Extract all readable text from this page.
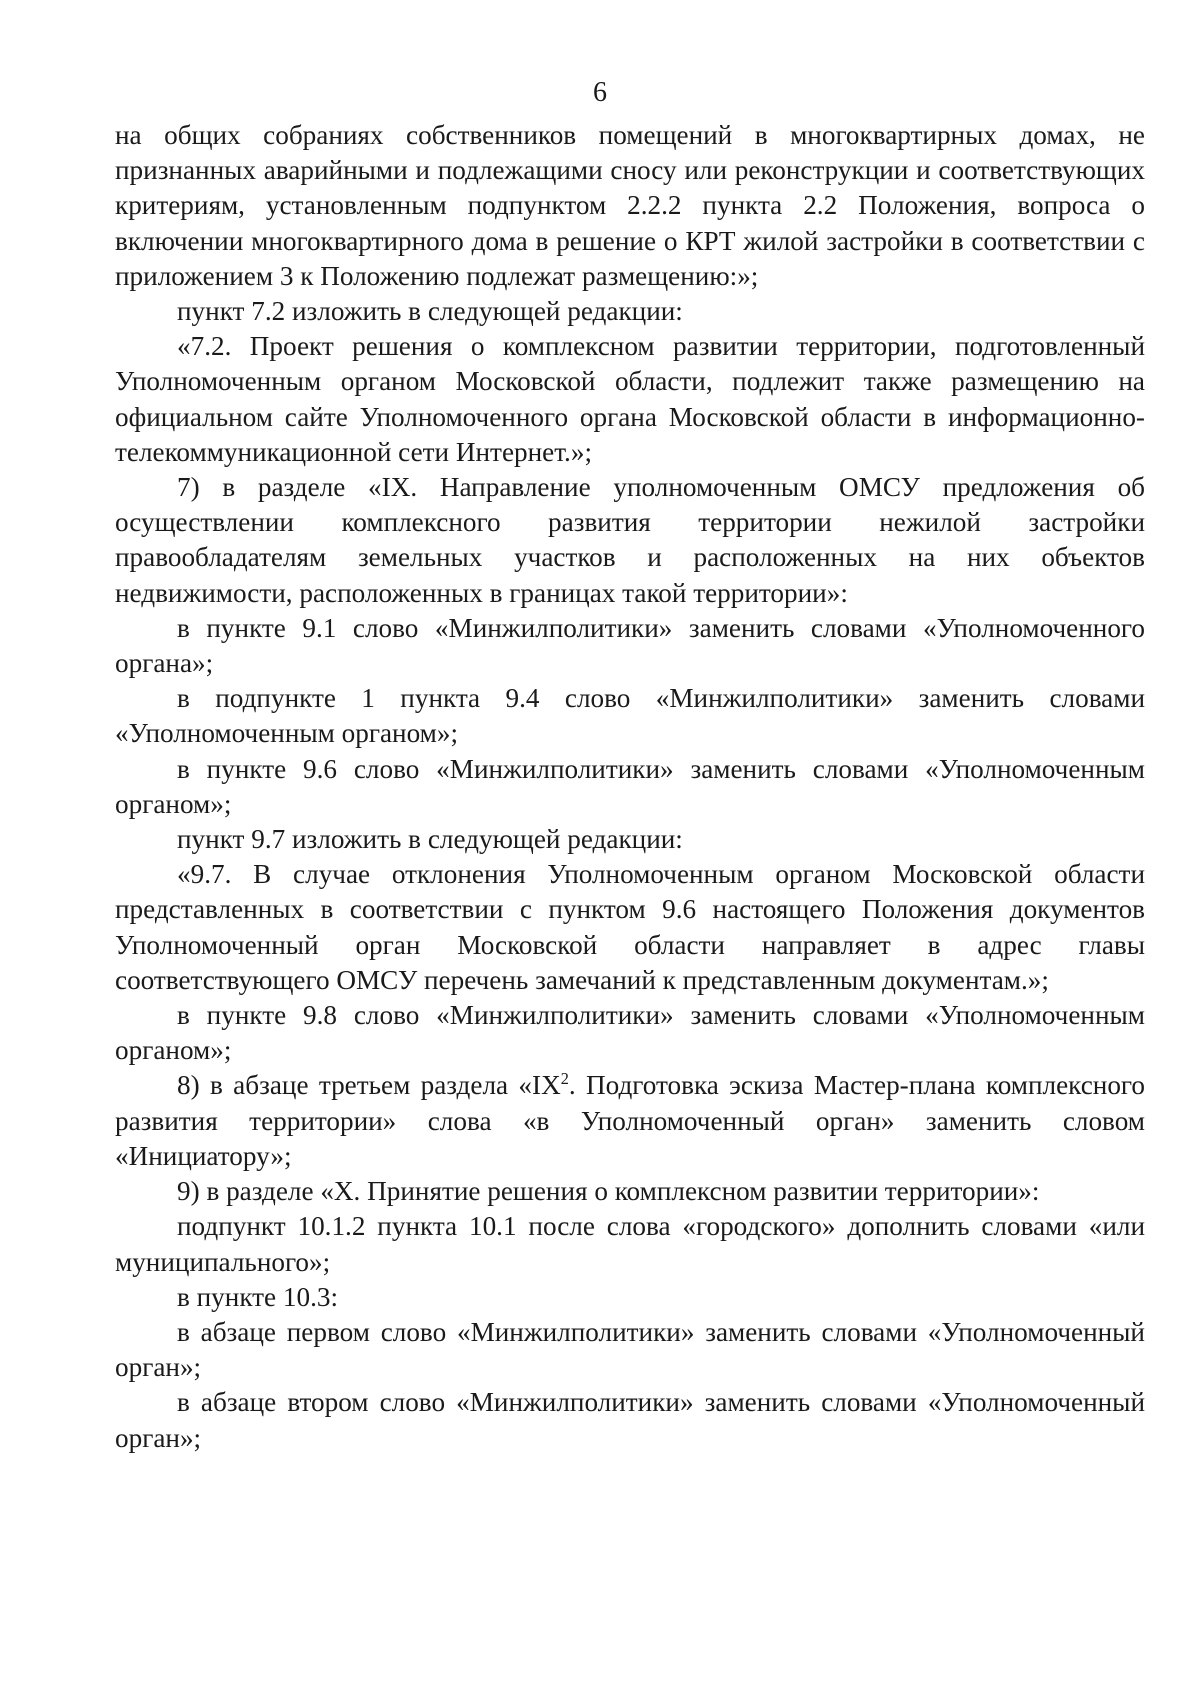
6

на общих собраниях собственников помещений в многоквартирных домах, не признанных аварийными и подлежащими сносу или реконструкции и соответствующих критериям, установленным подпунктом 2.2.2 пункта 2.2 Положения, вопроса о включении многоквартирного дома в решение о КРТ жилой застройки в соответствии с приложением 3 к Положению подлежат размещению:»;

пункт 7.2 изложить в следующей редакции:

«7.2. Проект решения о комплексном развитии территории, подготовленный Уполномоченным органом Московской области, подлежит также размещению на официальном сайте Уполномоченного органа Московской области в информационно-телекоммуникационной сети Интернет.»;

7) в разделе «IX. Направление уполномоченным ОМСУ предложения об осуществлении комплексного развития территории нежилой застройки правообладателям земельных участков и расположенных на них объектов недвижимости, расположенных в границах такой территории»:

в пункте 9.1 слово «Минжилполитики» заменить словами «Уполномоченного органа»;

в подпункте 1 пункта 9.4 слово «Минжилполитики» заменить словами «Уполномоченным органом»;

в пункте 9.6 слово «Минжилполитики» заменить словами «Уполномоченным органом»;

пункт 9.7 изложить в следующей редакции:

«9.7. В случае отклонения Уполномоченным органом Московской области представленных в соответствии с пунктом 9.6 настоящего Положения документов Уполномоченный орган Московской области направляет в адрес главы соответствующего ОМСУ перечень замечаний к представленным документам.»;

в пункте 9.8 слово «Минжилполитики» заменить словами «Уполномоченным органом»;

8) в абзаце третьем раздела «$IX^2$. Подготовка эскиза Мастер-плана комплексного развития территории» слова «в Уполномоченный орган» заменить словом «Инициатору»;

9) в разделе «X. Принятие решения о комплексном развитии территории»:

подпункт 10.1.2 пункта 10.1 после слова «городского» дополнить словами «или муниципального»;

в пункте 10.3:

в абзаце первом слово «Минжилполитики» заменить словами «Уполномоченный орган»;

в абзаце втором слово «Минжилполитики» заменить словами «Уполномоченный орган»;
